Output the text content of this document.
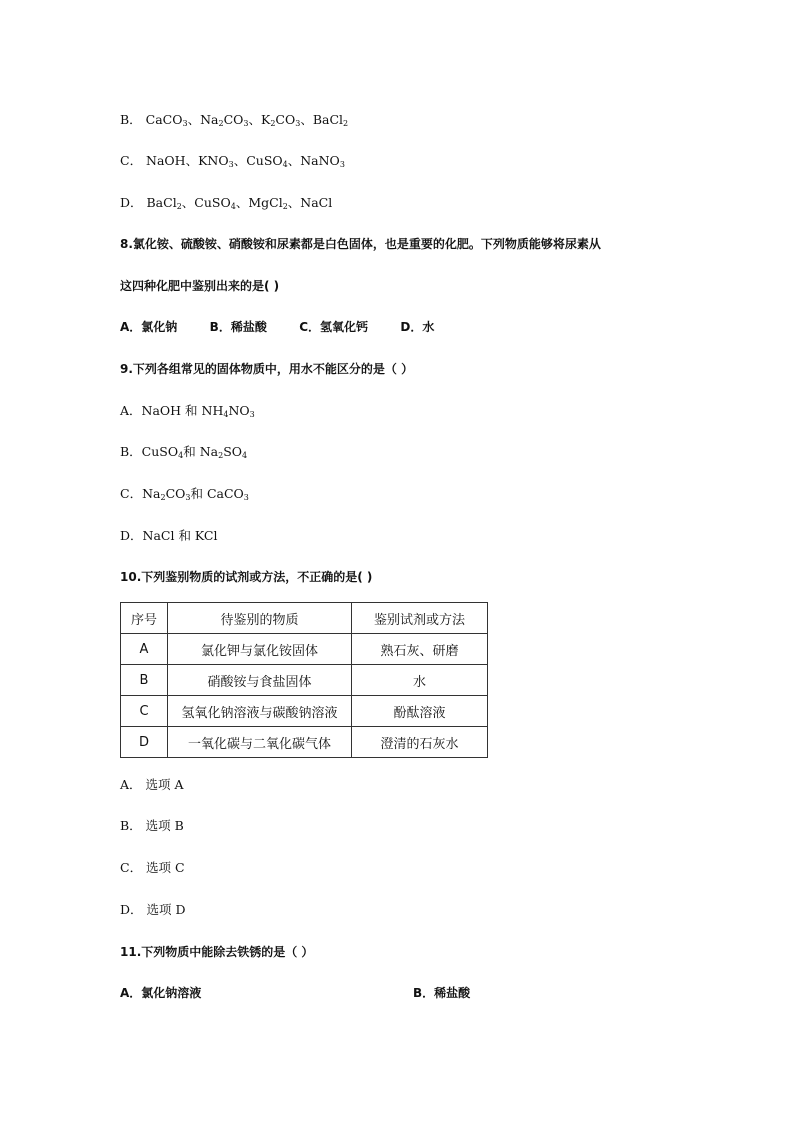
B． CaCO$_3$、$Na_2CO_3$、$K_2CO_3$、BaCl$_2$
C． NaOH、$KNO_3$、CuSO$_4$、NaNO$_3$
D． BaCl$_2$、CuSO$_4$、MgCl$_2$、NaCl
8.氯化铵、硫酸铵、硝酸铵和尿素都是白色固体，也是重要的化肥。下列物质能够将尿素从
这四种化肥中鉴别出来的是( )
A．氯化钠	B．稀盐酸	C．氢氧化钙	D．水
9.下列各组常见的固体物质中，用水不能区分的是（ ）
A．NaOH 和 $NH_4NO_3$
B．CuSO$_4$和 $Na_2SO_4$
C．$Na_2CO_3$和 CaCO$_3$
D．NaCl 和 KCl
10.下列鉴别物质的试剂或方法，不正确的是( )
序号	待鉴别的物质	鉴别试剂或方法
A	氯化钾与氯化铵固体	熟石灰、研磨
B	硝酸铵与食盐固体	水
C	氢氧化钠溶液与碳酸钠溶液	酚酞溶液
D	一氧化碳与二氧化碳气体	澄清的石灰水
A． 选项 A
B． 选项 B
C． 选项 C
D． 选项 D
11.下列物质中能除去铁锈的是（ ）
A．氯化钠溶液	B．稀盐酸
